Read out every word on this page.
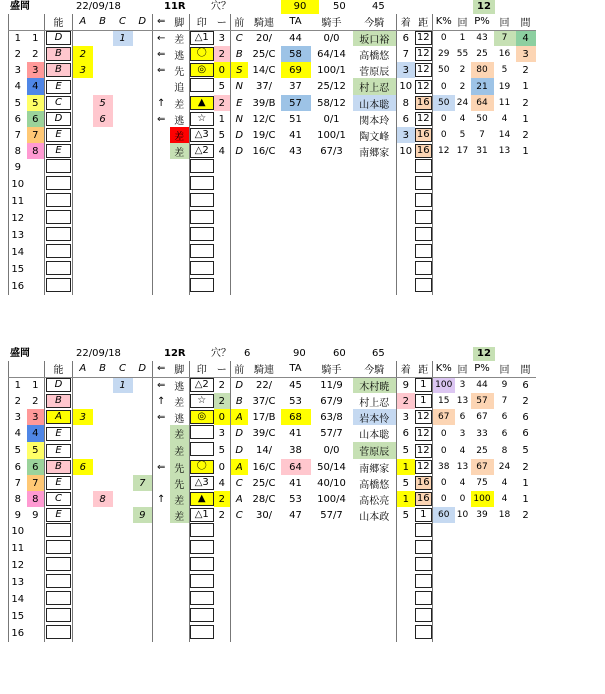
盛岡	22/09/18	11R	穴？	90	50	45	12
		能	A	B	C	D	⇐	脚	印	ー	前	騎連	TA	騎手	今騎	着	距	K%	回	P%	回	間
1	1	D			1		←	差	△1	3	C	20/	44	0/0	坂口裕	6	12	0	1	43	7	4
2	2	B	2				⇐	逃	〇	2	B	25/C	58	64/14	高橋悠	7	12	29	55	25	16	3
3	3	B	3				⇐	先	◎	0	S	14/C	69	100/1	菅原辰	3	12	50	2	80	5	2
4	4	E						追		5	N	37/	37	25/12	村上忍	10	12	0	2	21	19	1
5	5	C		5			↑	差	▲	2	E	39/B	57	58/12	山本聡	8	16	50	24	64	11	2
6	6	D		6			⇐	逃	☆	1	N	12/C	51	0/1	関本玲	6	12	0	4	50	4	1
7	7	E						差	△3	5	D	19/C	41	100/1	陶文峰	3	16	0	5	7	14	2
8	8	E						差	△2	4	D	16/C	43	67/3	南郷家	10	16	12	17	31	13	1
9																						
10																						
11																						
12																						
13																						
14																						
15																						
16																						
盛岡	22/09/18	12R	穴？ 6	90	60	65	12
		能	A	B	C	D	⇐	脚	印	ー	前	騎連	TA	騎手	今騎	着	距	K%	回	P%	回	間
1	1	D			1		⇐	逃	△2	2	D	22/	45	11/9	木村暁	9	1	100	3	44	9	6
2	2	B					↑	差	☆	2	B	37/C	53	67/9	村上忍	2	1	15	13	57	7	2
3	3	A	3				⇐	逃	◎	0	A	17/B	68	63/8	岩本怜	3	12	67	6	67	6	6
4	4	E						差		3	D	39/C	41	57/7	山本聡	6	12	0	3	33	6	6
5	5	E						差		5	D	14/	38	0/0	菅原辰	5	12	0	4	25	8	5
6	6	B	6				⇐	先	〇	0	A	16/C	64	50/14	南郷家	1	12	38	13	67	24	2
7	7	E				7		先	△3	4	C	25/C	41	40/10	高橋悠	5	16	0	4	75	4	1
8	8	C		8			↑	差	▲	2	A	28/C	53	100/4	高松亮	1	16	0	0	100	4	1
9	9	E				9		差	△1	2	C	30/	47	57/7	山本政	5	1	60	10	39	18	2
10																						
11																						
12																						
13																						
14																						
15																						
16																						
